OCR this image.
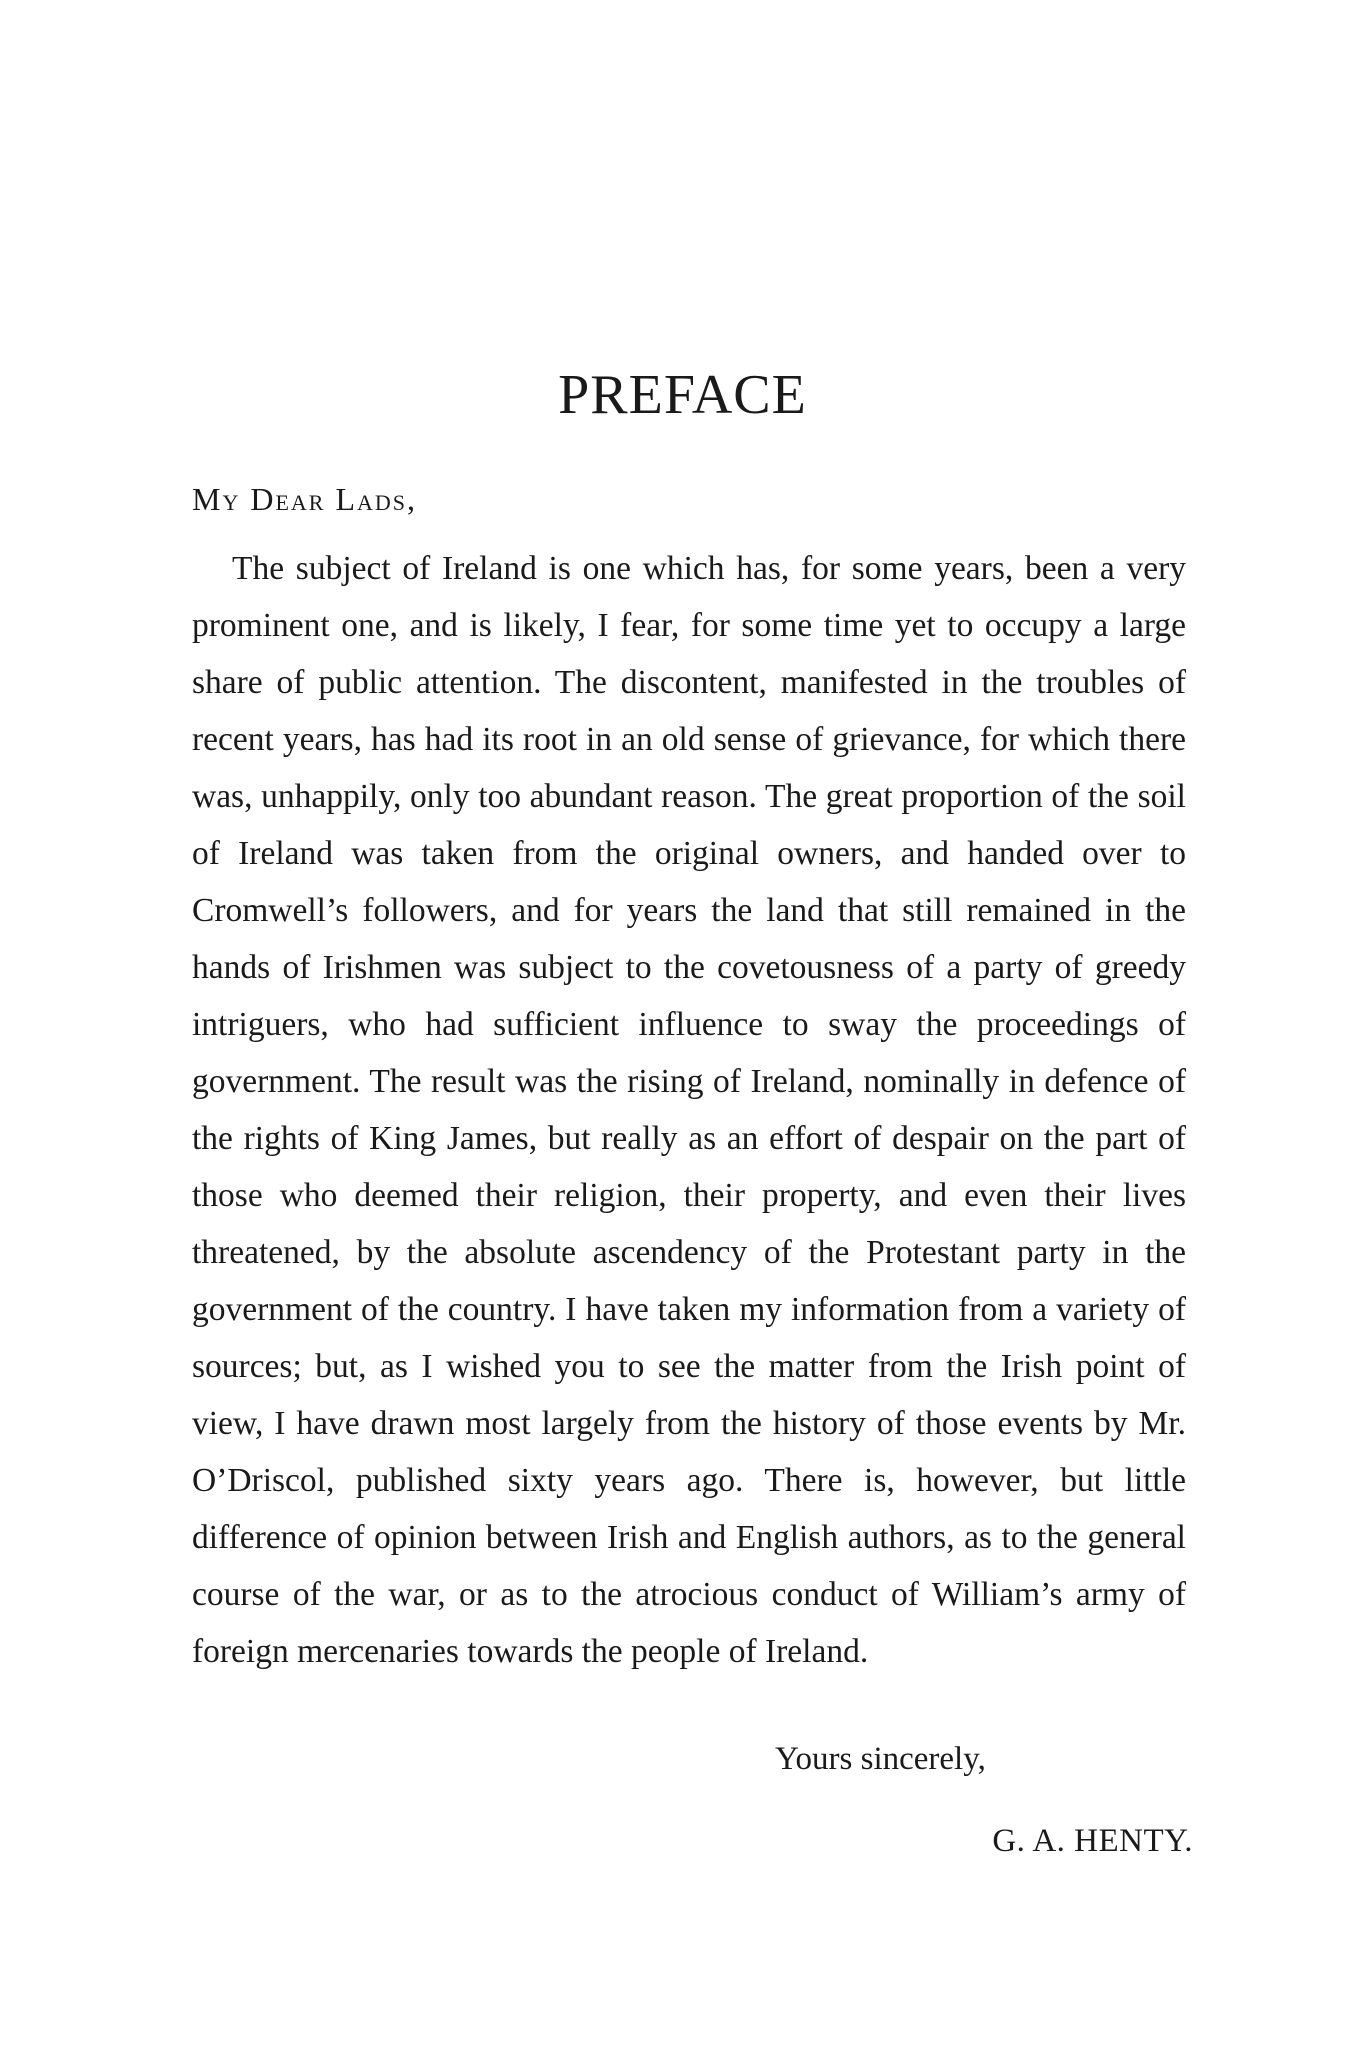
PREFACE

My Dear Lads,

The subject of Ireland is one which has, for some years, been a very prominent one, and is likely, I fear, for some time yet to occupy a large share of public attention. The discontent, manifested in the troubles of recent years, has had its root in an old sense of grievance, for which there was, unhappily, only too abundant reason. The great proportion of the soil of Ireland was taken from the original owners, and handed over to Cromwell’s followers, and for years the land that still remained in the hands of Irishmen was subject to the covetousness of a party of greedy intriguers, who had sufficient influence to sway the proceedings of government. The result was the rising of Ireland, nominally in defence of the rights of King James, but really as an effort of despair on the part of those who deemed their religion, their property, and even their lives threatened, by the absolute ascendency of the Protestant party in the government of the country. I have taken my information from a variety of sources; but, as I wished you to see the matter from the Irish point of view, I have drawn most largely from the history of those events by Mr. O’Driscol, published sixty years ago. There is, however, but little difference of opinion between Irish and English authors, as to the general course of the war, or as to the atrocious conduct of William’s army of foreign mercenaries towards the people of Ireland.

Yours sincerely,

G. A. HENTY.
